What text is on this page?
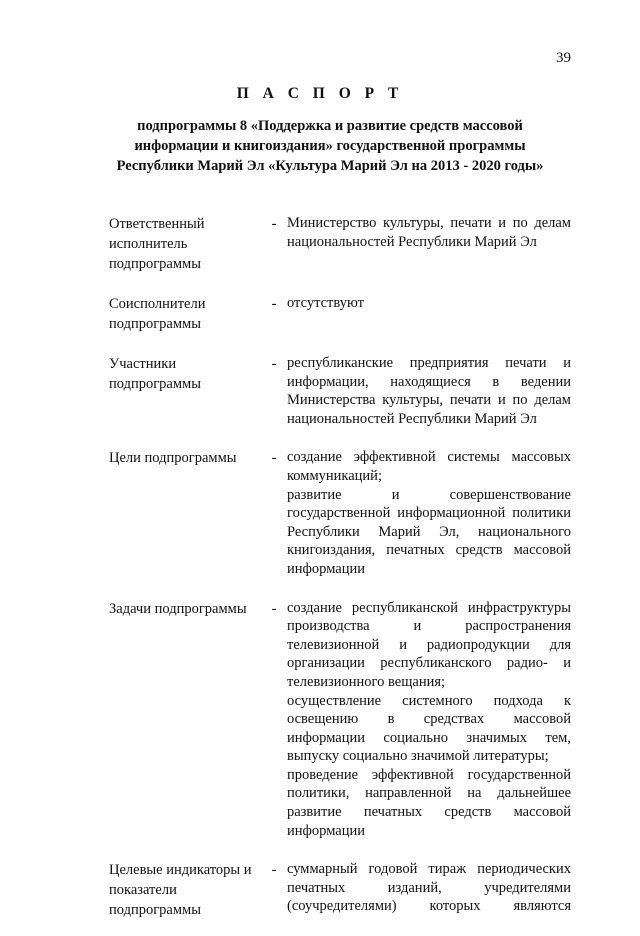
39
П А С П О Р Т
подпрограммы 8 «Поддержка и развитие средств массовой
информации и книгоиздания» государственной программы
Республики Марий Эл «Культура Марий Эл на 2013 - 2020 годы»
Ответственный исполнитель подпрограммы
- Министерство культуры, печати и по делам национальностей Республики Марий Эл

Соисполнители подпрограммы
- отсутствуют

Участники подпрограммы
- республиканские предприятия печати и информации, находящиеся в ведении Министерства культуры, печати и по делам национальностей Республики Марий Эл

Цели подпрограммы	- создание эффективной системы массовых коммуникаций;

развитие и совершенствование государственной информационной политики Республики Марий Эл, национального книгоиздания, печатных средств массовой информации

Задачи подпрограммы	- создание республиканской инфраструктуры производства и распространения телевизионной и радиопродукции для организации республиканского радио- и телевизионного вещания;

осуществление системного подхода к освещению в средствах массовой информации социально значимых тем, выпуску социально значимой литературы;

проведение эффективной государственной политики, направленной на дальнейшее развитие печатных средств массовой информации

Целевые индикаторы и показатели подпрограммы
- суммарный годовой тираж периодических печатных изданий, учредителями (соучредителями) которых являются
